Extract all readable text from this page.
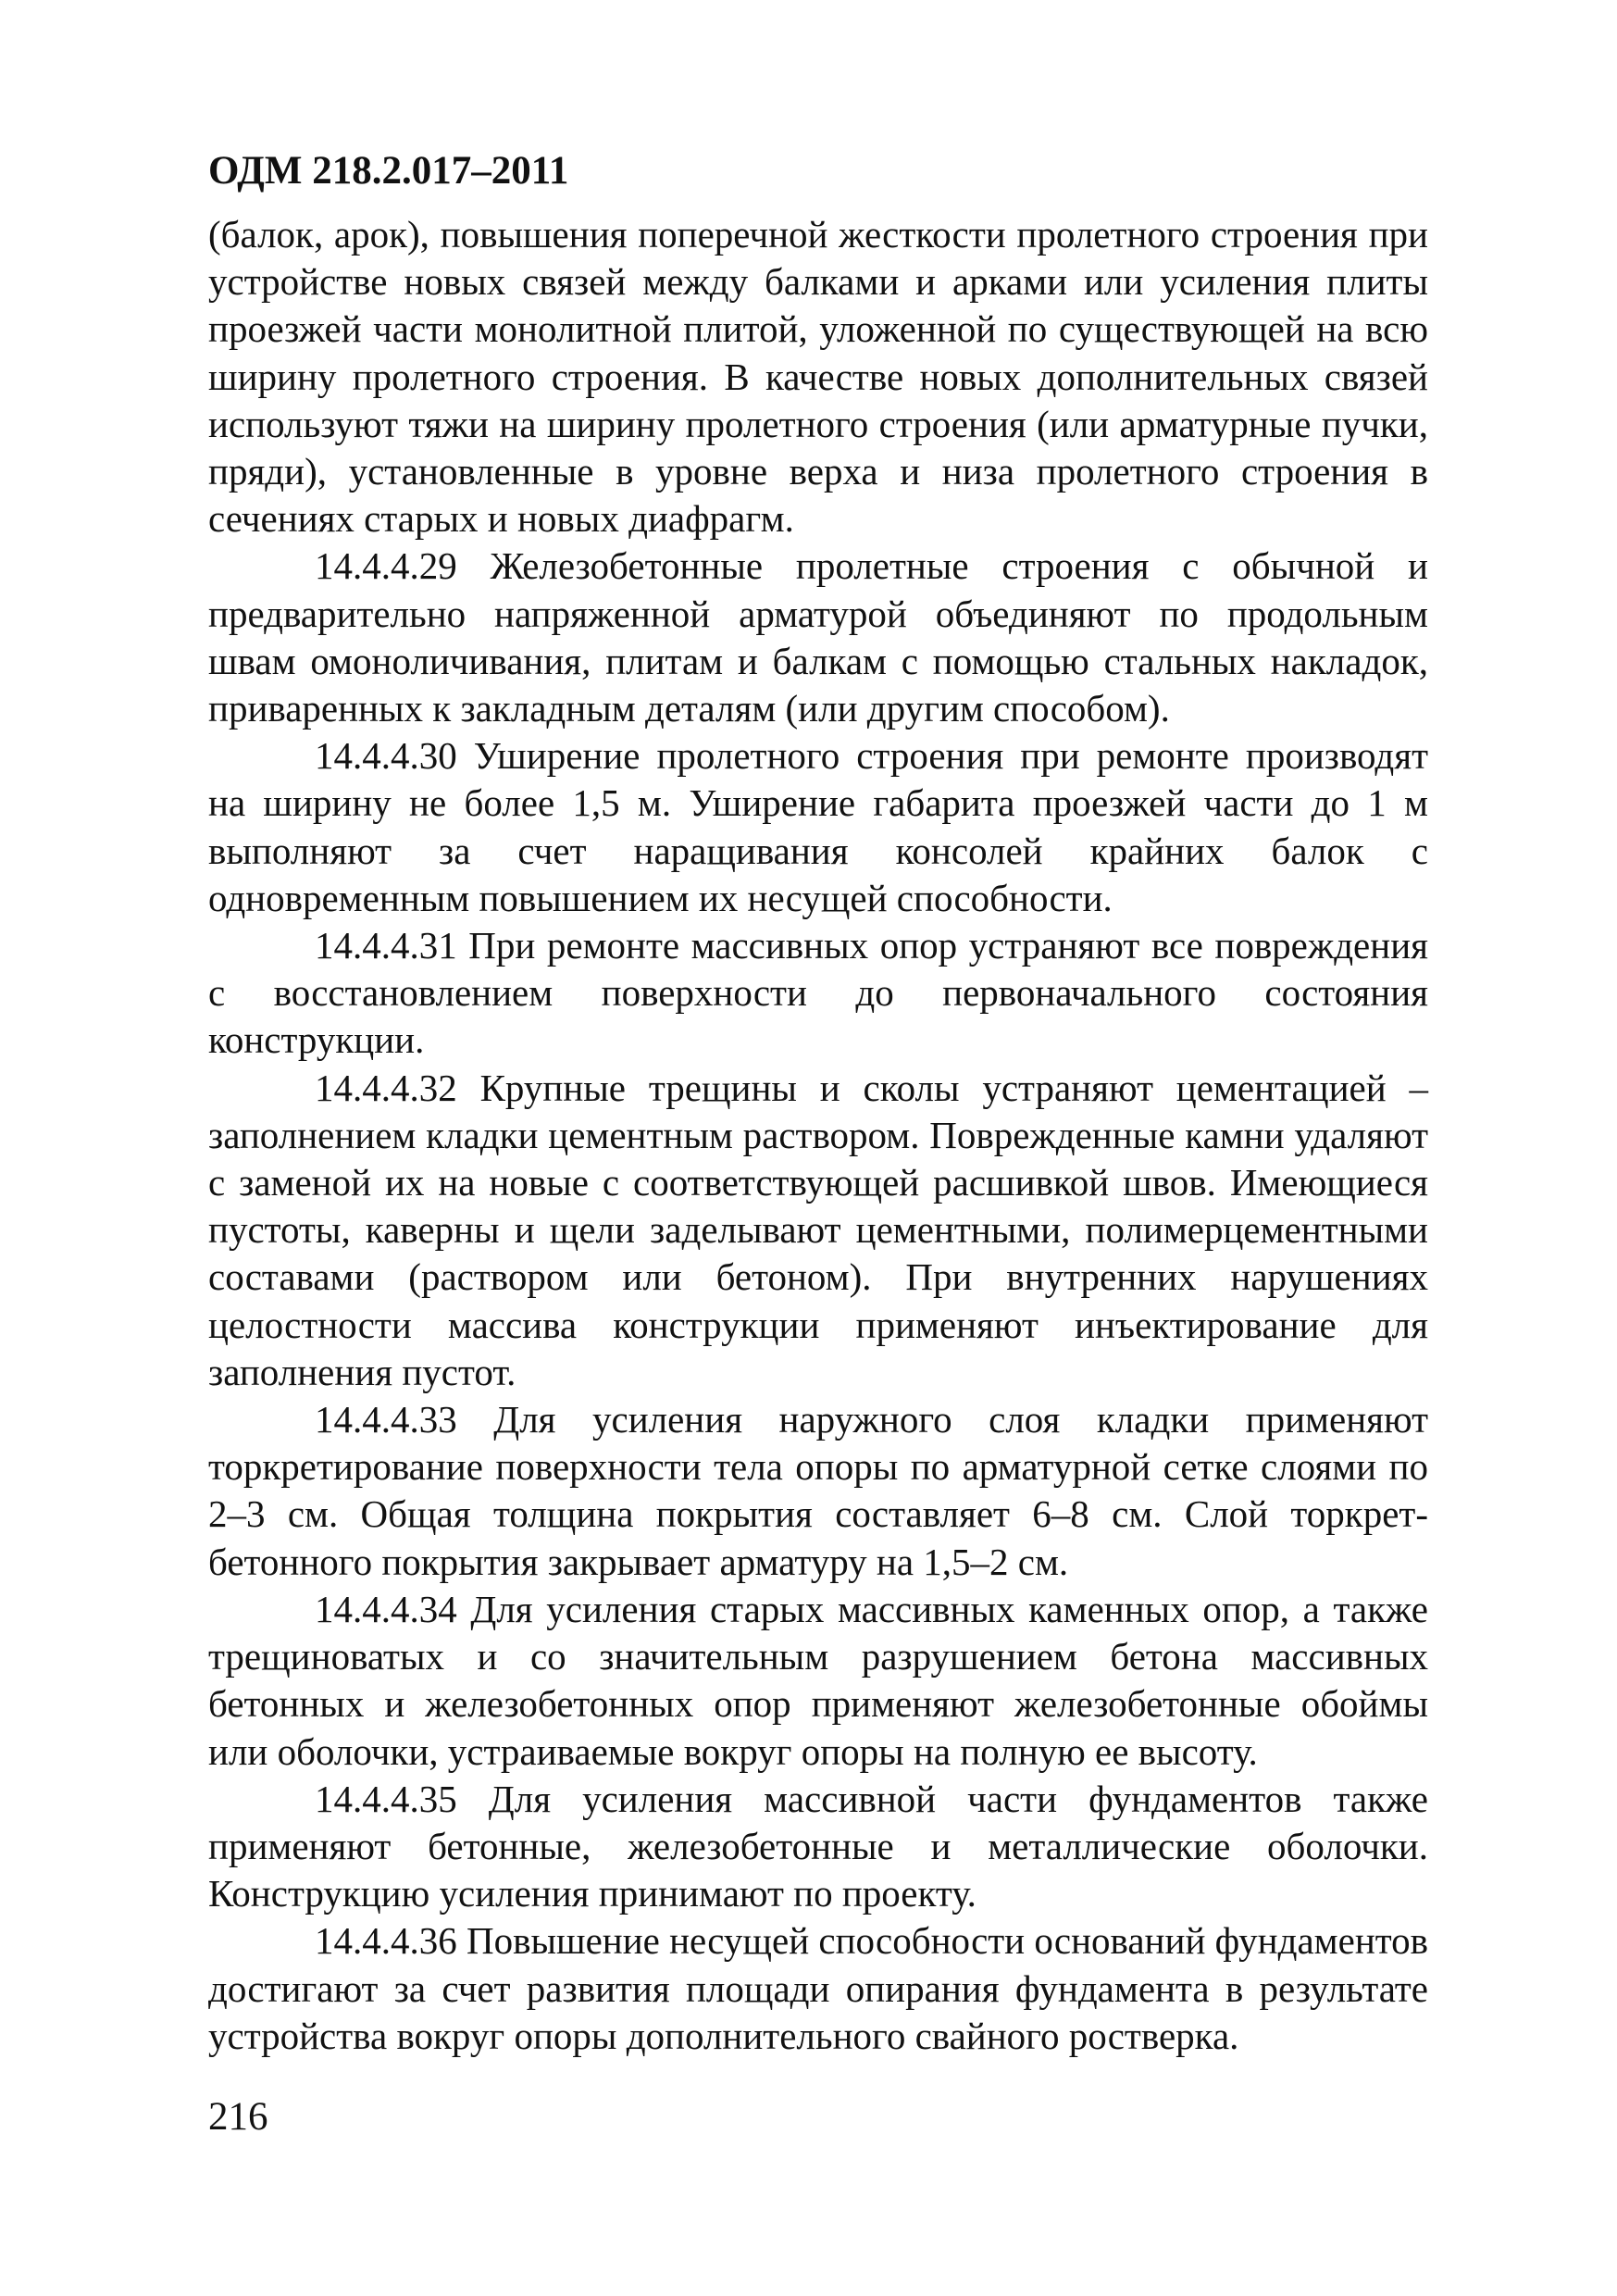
ОДМ 218.2.017–2011

(балок, арок), повышения поперечной жесткости пролетного строения при устройстве новых связей между балками и арками или усиления плиты проезжей части монолитной плитой, уложенной по существующей на всю ширину пролетного строения. В качестве новых дополнительных связей используют тяжи на ширину пролетного строения (или арматурные пучки, пряди), установленные в уровне верха и низа пролетного строения в сечениях старых и новых диафрагм.

14.4.4.29 Железобетонные пролетные строения с обычной и предварительно напряженной арматурой объединяют по продольным швам омоноличивания, плитам и балкам с помощью стальных накладок, приваренных к закладным деталям (или другим способом).

14.4.4.30 Уширение пролетного строения при ремонте производят на ширину не более 1,5 м. Уширение габарита проезжей части до 1 м выполняют за счет наращивания консолей крайних балок с одновременным повышением их несущей способности.

14.4.4.31 При ремонте массивных опор устраняют все повреждения с восстановлением поверхности до первоначального состояния конструкции.

14.4.4.32 Крупные трещины и сколы устраняют цементацией – заполнением кладки цементным раствором. Поврежденные камни удаляют с заменой их на новые с соответствующей расшивкой швов. Имеющиеся пустоты, каверны и щели заделывают цементными, полимерцементными составами (раствором или бетоном). При внутренних нарушениях целостности массива конструкции применяют инъектирование для заполнения пустот.

14.4.4.33 Для усиления наружного слоя кладки применяют торкретирование поверхности тела опоры по арматурной сетке слоями по 2–3 см. Общая толщина покрытия составляет 6–8 см. Слой торкретбетонного покрытия закрывает арматуру на 1,5–2 см.

14.4.4.34 Для усиления старых массивных каменных опор, а также трещиноватых и со значительным разрушением бетона массивных бетонных и железобетонных опор применяют железобетонные обоймы или оболочки, устраиваемые вокруг опоры на полную ее высоту.

14.4.4.35 Для усиления массивной части фундаментов также применяют бетонные, железобетонные и металлические оболочки. Конструкцию усиления принимают по проекту.

14.4.4.36 Повышение несущей способности оснований фундаментов достигают за счет развития площади опирания фундамента в результате устройства вокруг опоры дополнительного свайного ростверка.

216
